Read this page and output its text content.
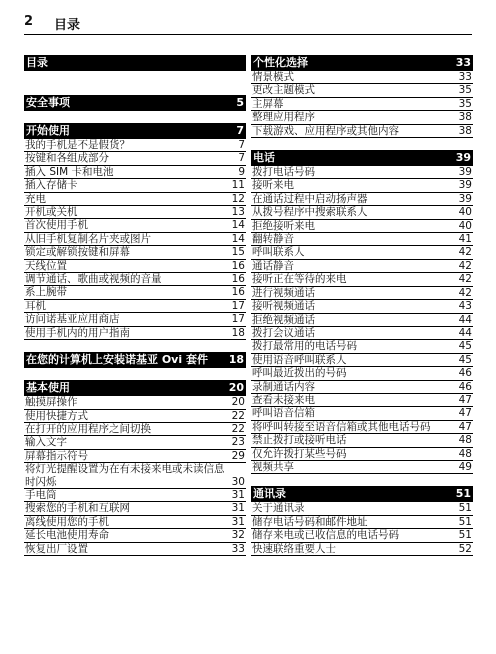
2 目录
目录
安全事项	5
开始使用	7
我的手机是不是假货？	7
按键和各组成部分	7
插入 SIM 卡和电池	9
插入存储卡	11
充电	12
开机或关机	13
首次使用手机	14
从旧手机复制名片夹或图片	14
锁定或解锁按键和屏幕	15
天线位置	16
调节通话、歌曲或视频的音量	16
系上腕带	16
耳机	17
访问诺基亚应用商店	17
使用手机内的用户指南	18
在您的计算机上安装诺基亚 Ovi 套件	18
基本使用	20
触摸屏操作	20
使用快捷方式	22
在打开的应用程序之间切换	22
输入文字	23
屏幕指示符号	29
将灯光提醒设置为在有未接来电或未读信息时闪烁	30
手电筒	31
搜索您的手机和互联网	31
离线使用您的手机	31
延长电池使用寿命	32
恢复出厂设置	33
个性化选择	33
情景模式	33
更改主题模式	35
主屏幕	35
整理应用程序	38
下载游戏、应用程序或其他内容	38
电话	39
拨打电话号码	39
接听来电	39
在通话过程中启动扬声器	39
从拨号程序中搜索联系人	40
拒绝接听来电	40
翻转静音	41
呼叫联系人	42
通话静音	42
接听正在等待的来电	42
进行视频通话	42
接听视频通话	43
拒绝视频通话	44
拨打会议通话	44
拨打最常用的电话号码	45
使用语音呼叫联系人	45
呼叫最近拨出的号码	46
录制通话内容	46
查看未接来电	47
呼叫语音信箱	47
将呼叫转接至语音信箱或其他电话号码	47
禁止拨打或接听电话	48
仅允许拨打某些号码	48
视频共享	49
通讯录	51
关于通讯录	51
储存电话号码和邮件地址	51
储存来电或已收信息的电话号码	51
快速联络重要人士	52
